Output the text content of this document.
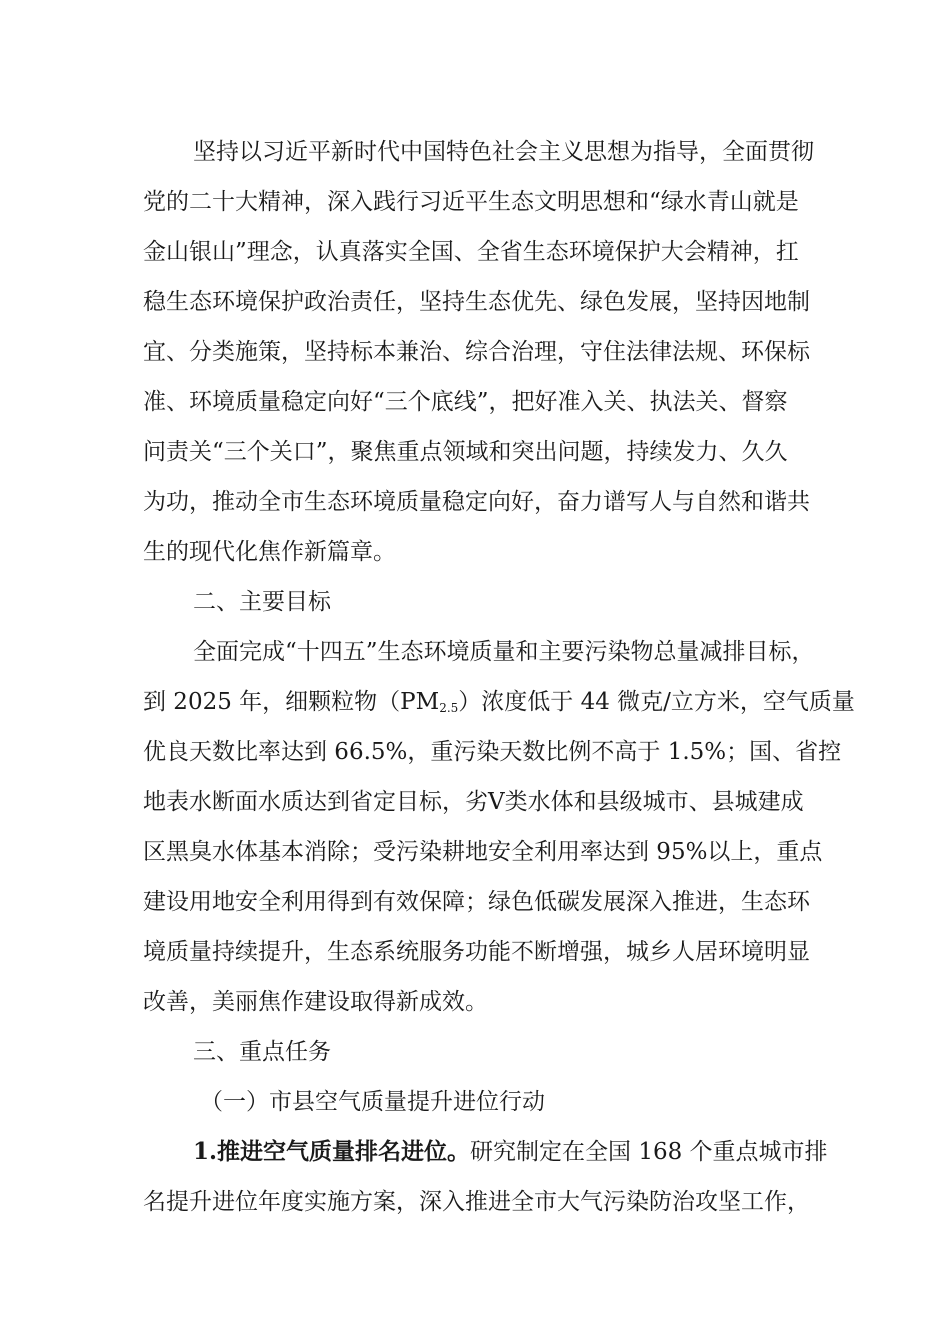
坚持以习近平新时代中国特色社会主义思想为指导，全面贯彻
党的二十大精神，深入践行习近平生态文明思想和“绿水青山就是
金山银山”理念，认真落实全国、全省生态环境保护大会精神，扛
稳生态环境保护政治责任，坚持生态优先、绿色发展，坚持因地制
宜、分类施策，坚持标本兼治、综合治理，守住法律法规、环保标
准、环境质量稳定向好“三个底线”，把好准入关、执法关、督察
问责关“三个关口”，聚焦重点领域和突出问题，持续发力、久久
为功，推动全市生态环境质量稳定向好，奋力谱写人与自然和谐共
生的现代化焦作新篇章。
二、主要目标
全面完成“十四五”生态环境质量和主要污染物总量减排目标，
到 2025 年，细颗粒物$(PM_{2.5})$浓度低于 44 微克/立方米，空气质量
优良天数比率达到 66.5%，重污染天数比例不高于 1.5%；国、省控
地表水断面水质达到省定目标，劣Ⅴ类水体和县级城市、县城建成
区黑臭水体基本消除；受污染耕地安全利用率达到 95%以上，重点
建设用地安全利用得到有效保障；绿色低碳发展深入推进，生态环
境质量持续提升，生态系统服务功能不断增强，城乡人居环境明显
改善，美丽焦作建设取得新成效。
三、重点任务
（一）市县空气质量提升进位行动
1.推进空气质量排名进位。研究制定在全国 168 个重点城市排
名提升进位年度实施方案，深入推进全市大气污染防治攻坚工作，
